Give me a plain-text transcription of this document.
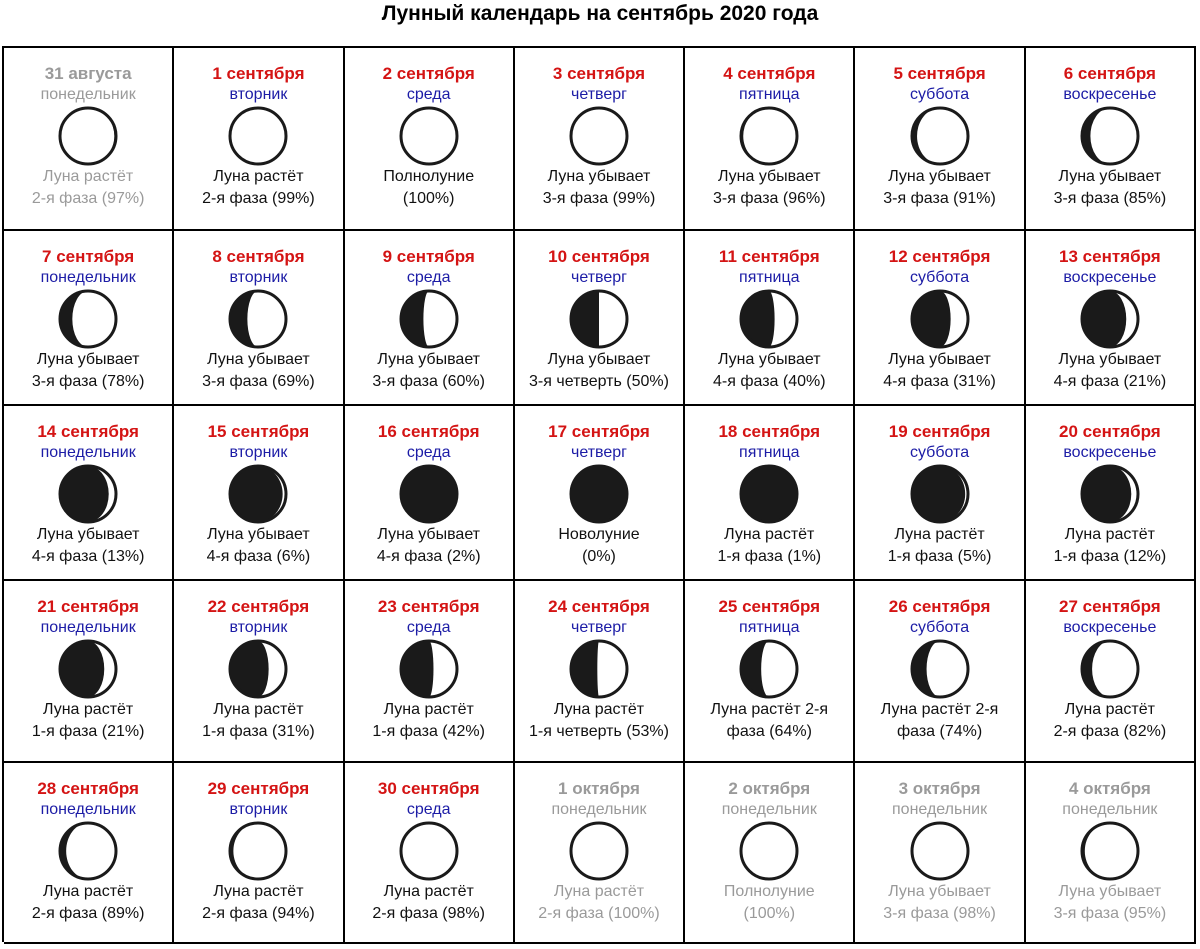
Лунный календарь на сентябрь 2020 года
31 августа
понедельник
Луна растёт
2-я фаза (97%)
1 сентября
вторник
Луна растёт
2-я фаза (99%)
2 сентября
среда
Полнолуние
(100%)
3 сентября
четверг
Луна убывает
3-я фаза (99%)
4 сентября
пятница
Луна убывает
3-я фаза (96%)
5 сентября
суббота
Луна убывает
3-я фаза (91%)
6 сентября
воскресенье
Луна убывает
3-я фаза (85%)
7 сентября
понедельник
Луна убывает
3-я фаза (78%)
8 сентября
вторник
Луна убывает
3-я фаза (69%)
9 сентября
среда
Луна убывает
3-я фаза (60%)
10 сентября
четверг
Луна убывает
3-я четверть (50%)
11 сентября
пятница
Луна убывает
4-я фаза (40%)
12 сентября
суббота
Луна убывает
4-я фаза (31%)
13 сентября
воскресенье
Луна убывает
4-я фаза (21%)
14 сентября
понедельник
Луна убывает
4-я фаза (13%)
15 сентября
вторник
Луна убывает
4-я фаза (6%)
16 сентября
среда
Луна убывает
4-я фаза (2%)
17 сентября
четверг
Новолуние
(0%)
18 сентября
пятница
Луна растёт
1-я фаза (1%)
19 сентября
суббота
Луна растёт
1-я фаза (5%)
20 сентября
воскресенье
Луна растёт
1-я фаза (12%)
21 сентября
понедельник
Луна растёт
1-я фаза (21%)
22 сентября
вторник
Луна растёт
1-я фаза (31%)
23 сентября
среда
Луна растёт
1-я фаза (42%)
24 сентября
четверг
Луна растёт
1-я четверть (53%)
25 сентября
пятница
Луна растёт 2-я
фаза (64%)
26 сентября
суббота
Луна растёт 2-я
фаза (74%)
27 сентября
воскресенье
Луна растёт
2-я фаза (82%)
28 сентября
понедельник
Луна растёт
2-я фаза (89%)
29 сентября
вторник
Луна растёт
2-я фаза (94%)
30 сентября
среда
Луна растёт
2-я фаза (98%)
1 октября
понедельник
Луна растёт
2-я фаза (100%)
2 октября
понедельник
Полнолуние
(100%)
3 октября
понедельник
Луна убывает
3-я фаза (98%)
4 октября
понедельник
Луна убывает
3-я фаза (95%)
